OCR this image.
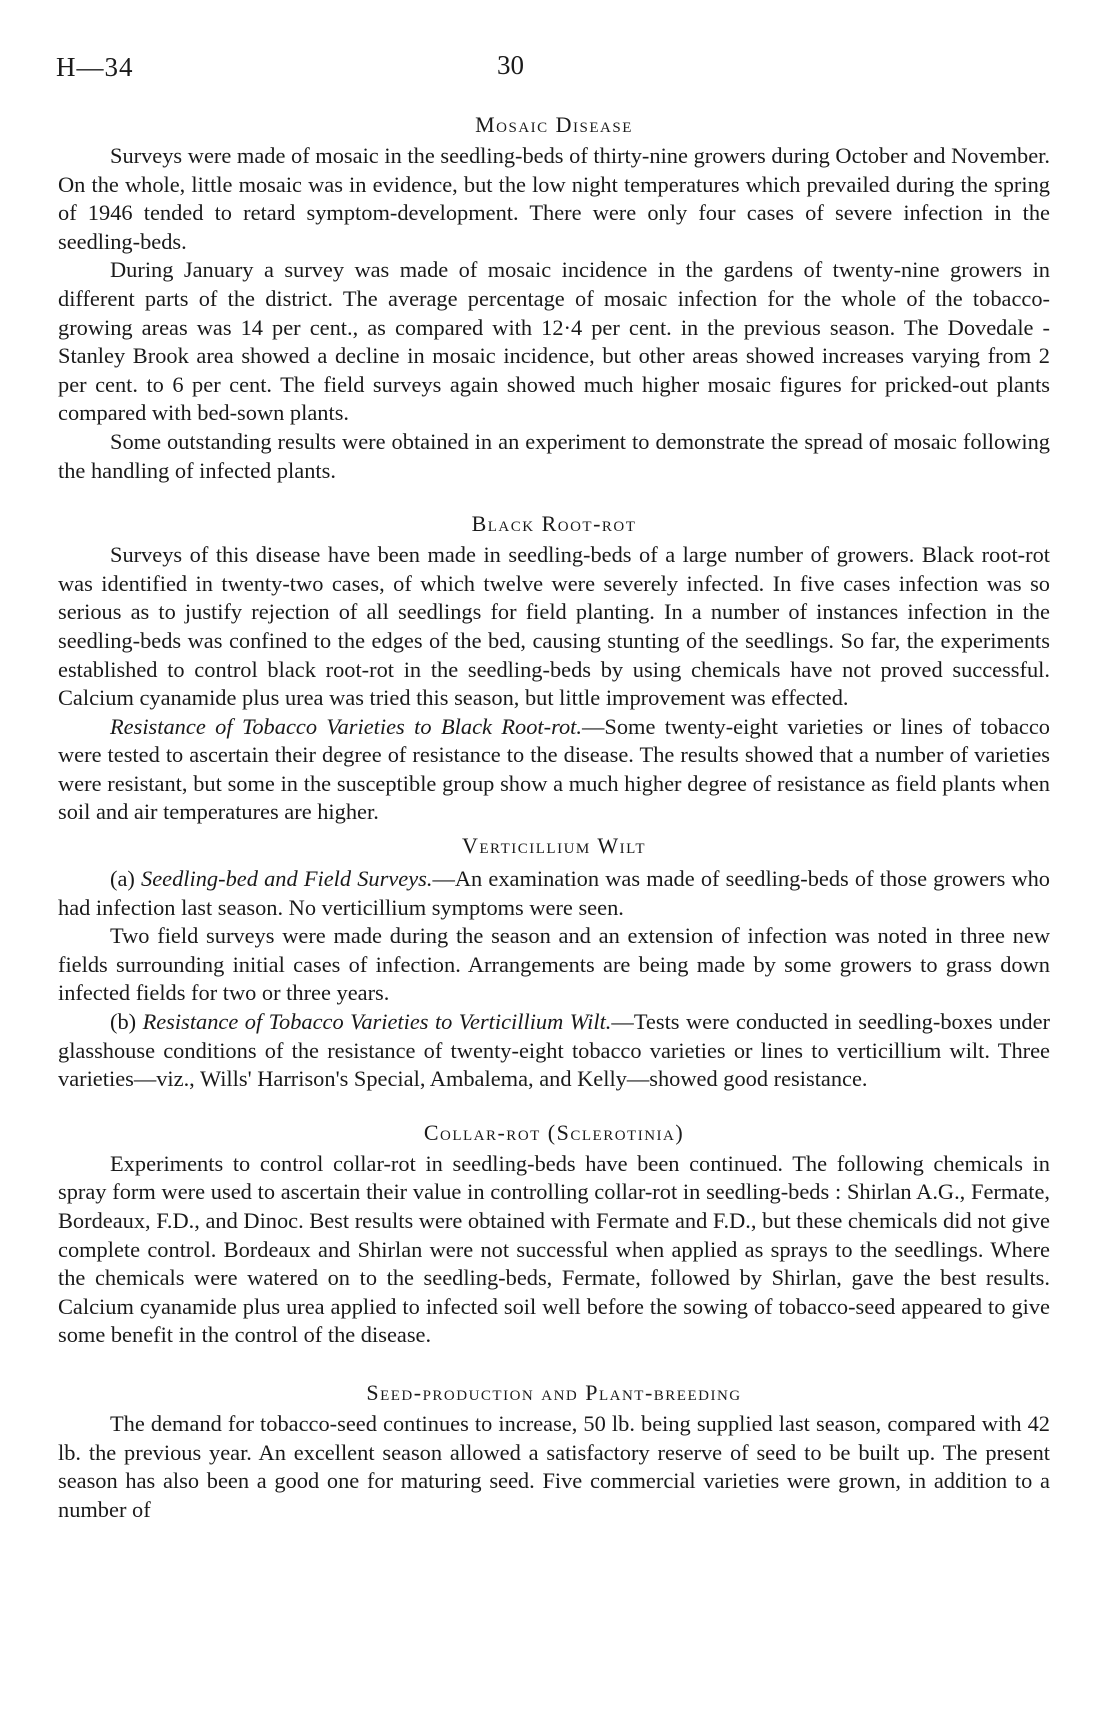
H—34	30
Mosaic Disease

Surveys were made of mosaic in the seedling-beds of thirty-nine growers during October and November. On the whole, little mosaic was in evidence, but the low night temperatures which prevailed during the spring of 1946 tended to retard symptom-development. There were only four cases of severe infection in the seedling-beds.

During January a survey was made of mosaic incidence in the gardens of twenty-nine growers in different parts of the district. The average percentage of mosaic infection for the whole of the tobacco-growing areas was 14 per cent., as compared with 12·4 per cent. in the previous season. The Dovedale - Stanley Brook area showed a decline in mosaic incidence, but other areas showed increases varying from 2 per cent. to 6 per cent. The field surveys again showed much higher mosaic figures for pricked-out plants compared with bed-sown plants.

Some outstanding results were obtained in an experiment to demonstrate the spread of mosaic following the handling of infected plants.

Black Root-rot

Surveys of this disease have been made in seedling-beds of a large number of growers. Black root-rot was identified in twenty-two cases, of which twelve were severely infected. In five cases infection was so serious as to justify rejection of all seedlings for field planting. In a number of instances infection in the seedling-beds was confined to the edges of the bed, causing stunting of the seedlings. So far, the experiments established to control black root-rot in the seedling-beds by using chemicals have not proved successful. Calcium cyanamide plus urea was tried this season, but little improvement was effected.

Resistance of Tobacco Varieties to Black Root-rot.—Some twenty-eight varieties or lines of tobacco were tested to ascertain their degree of resistance to the disease. The results showed that a number of varieties were resistant, but some in the susceptible group show a much higher degree of resistance as field plants when soil and air temperatures are higher.

Verticillium Wilt

(a) Seedling-bed and Field Surveys.—An examination was made of seedling-beds of those growers who had infection last season. No verticillium symptoms were seen.

Two field surveys were made during the season and an extension of infection was noted in three new fields surrounding initial cases of infection. Arrangements are being made by some growers to grass down infected fields for two or three years.

(b) Resistance of Tobacco Varieties to Verticillium Wilt.—Tests were conducted in seedling-boxes under glasshouse conditions of the resistance of twenty-eight tobacco varieties or lines to verticillium wilt. Three varieties—viz., Wills' Harrison's Special, Ambalema, and Kelly—showed good resistance.

Collar-rot (Sclerotinia)

Experiments to control collar-rot in seedling-beds have been continued. The following chemicals in spray form were used to ascertain their value in controlling collar-rot in seedling-beds : Shirlan A.G., Fermate, Bordeaux, F.D., and Dinoc. Best results were obtained with Fermate and F.D., but these chemicals did not give complete control. Bordeaux and Shirlan were not successful when applied as sprays to the seedlings. Where the chemicals were watered on to the seedling-beds, Fermate, followed by Shirlan, gave the best results. Calcium cyanamide plus urea applied to infected soil well before the sowing of tobacco-seed appeared to give some benefit in the control of the disease.

Seed-production and Plant-breeding

The demand for tobacco-seed continues to increase, 50 lb. being supplied last season, compared with 42 lb. the previous year. An excellent season allowed a satisfactory reserve of seed to be built up. The present season has also been a good one for maturing seed. Five commercial varieties were grown, in addition to a number of
